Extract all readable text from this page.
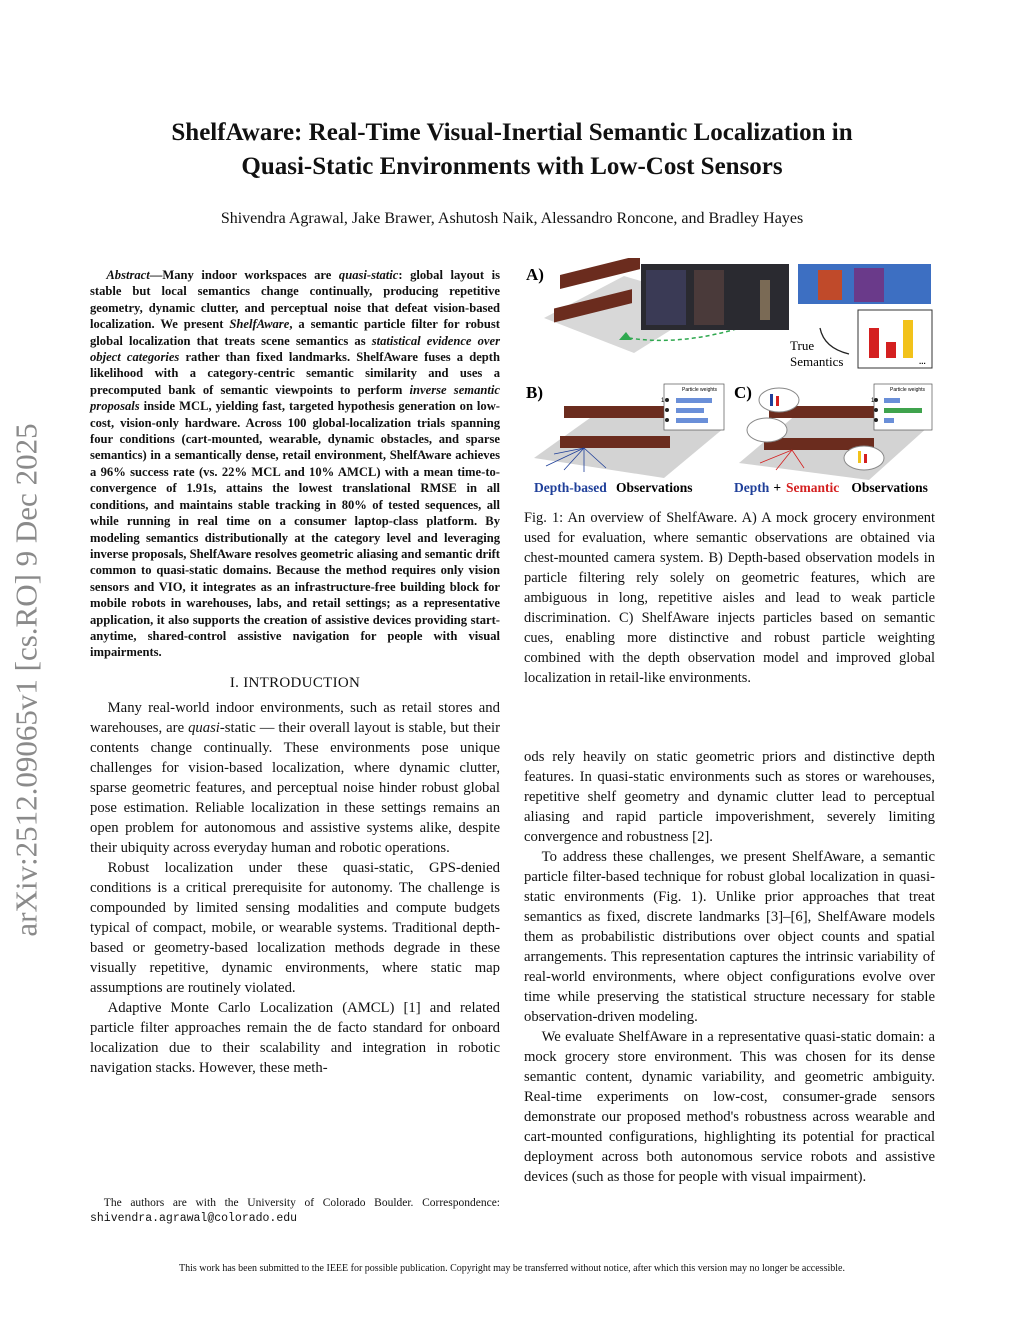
arXiv:2512.09065v1 [cs.RO] 9 Dec 2025
ShelfAware: Real-Time Visual-Inertial Semantic Localization in
Quasi-Static Environments with Low-Cost Sensors

Shivendra Agrawal, Jake Brawer, Ashutosh Naik, Alessandro Roncone, and Bradley Hayes

Abstract—Many indoor workspaces are quasi-static: global layout is stable but local semantics change continually, producing repetitive geometry, dynamic clutter, and perceptual noise that defeat vision-based localization. We present ShelfAware, a semantic particle filter for robust global localization that treats scene semantics as statistical evidence over object categories rather than fixed landmarks. ShelfAware fuses a depth likelihood with a category-centric semantic similarity and uses a precomputed bank of semantic viewpoints to perform inverse semantic proposals inside MCL, yielding fast, targeted hypothesis generation on low-cost, vision-only hardware. Across 100 global-localization trials spanning four conditions (cart-mounted, wearable, dynamic obstacles, and sparse semantics) in a semantically dense, retail environment, ShelfAware achieves a 96% success rate (vs. 22% MCL and 10% AMCL) with a mean time-to-convergence of 1.91s, attains the lowest translational RMSE in all conditions, and maintains stable tracking in 80% of tested sequences, all while running in real time on a consumer laptop-class platform. By modeling semantics distributionally at the category level and leveraging inverse proposals, ShelfAware resolves geometric aliasing and semantic drift common to quasi-static domains. Because the method requires only vision sensors and VIO, it integrates as an infrastructure-free building block for mobile robots in warehouses, labs, and retail settings; as a representative application, it also supports the creation of assistive devices providing start-anytime, shared-control assistive navigation for people with visual impairments.

I. INTRODUCTION

Many real-world indoor environments, such as retail stores and warehouses, are quasi-static — their overall layout is stable, but their contents change continually. These environments pose unique challenges for vision-based localization, where dynamic clutter, sparse geometric features, and perceptual noise hinder robust global pose estimation. Reliable localization in these settings remains an open problem for autonomous and assistive systems alike, despite their ubiquity across everyday human and robotic operations.

Robust localization under these quasi-static, GPS-denied conditions is a critical prerequisite for autonomy. The challenge is compounded by limited sensing modalities and compute budgets typical of compact, mobile, or wearable systems. Traditional depth-based or geometry-based localization methods degrade in these visually repetitive, dynamic environments, where static map assumptions are routinely violated.

Adaptive Monte Carlo Localization (AMCL) [1] and related particle filter approaches remain the de facto standard for onboard localization due to their scalability and integration in robotic navigation stacks. However, these meth-

The authors are with the University of Colorado Boulder. Correspondence: shivendra.agrawal@colorado.edu
A)
True
Semantics	...
B)	Particle weights
1
Depth-based Observations
C)	Particle weights
1
Depth + Semantic Observations

Fig. 1: An overview of ShelfAware. A) A mock grocery environment used for evaluation, where semantic observations are obtained via chest-mounted camera system. B) Depth-based observation models in particle filtering rely solely on geometric features, which are ambiguous in long, repetitive aisles and lead to weak particle discrimination. C) ShelfAware injects particles based on semantic cues, enabling more distinctive and robust particle weighting combined with the depth observation model and improved global localization in retail-like environments.

ods rely heavily on static geometric priors and distinctive depth features. In quasi-static environments such as stores or warehouses, repetitive shelf geometry and dynamic clutter lead to perceptual aliasing and rapid particle impoverishment, severely limiting convergence and robustness [2].

To address these challenges, we present ShelfAware, a semantic particle filter-based technique for robust global localization in quasi-static environments (Fig. 1). Unlike prior approaches that treat semantics as fixed, discrete landmarks [3]–[6], ShelfAware models them as probabilistic distributions over object counts and spatial arrangements. This representation captures the intrinsic variability of real-world environments, where object configurations evolve over time while preserving the statistical structure necessary for stable observation-driven modeling.

We evaluate ShelfAware in a representative quasi-static domain: a mock grocery store environment. This was chosen for its dense semantic content, dynamic variability, and geometric ambiguity. Real-time experiments on low-cost, consumer-grade sensors demonstrate our proposed method's robustness across wearable and cart-mounted configurations, highlighting its potential for practical deployment across both autonomous service robots and assistive devices (such as those for people with visual impairment).

This work has been submitted to the IEEE for possible publication. Copyright may be transferred without notice, after which this version may no longer be accessible.
